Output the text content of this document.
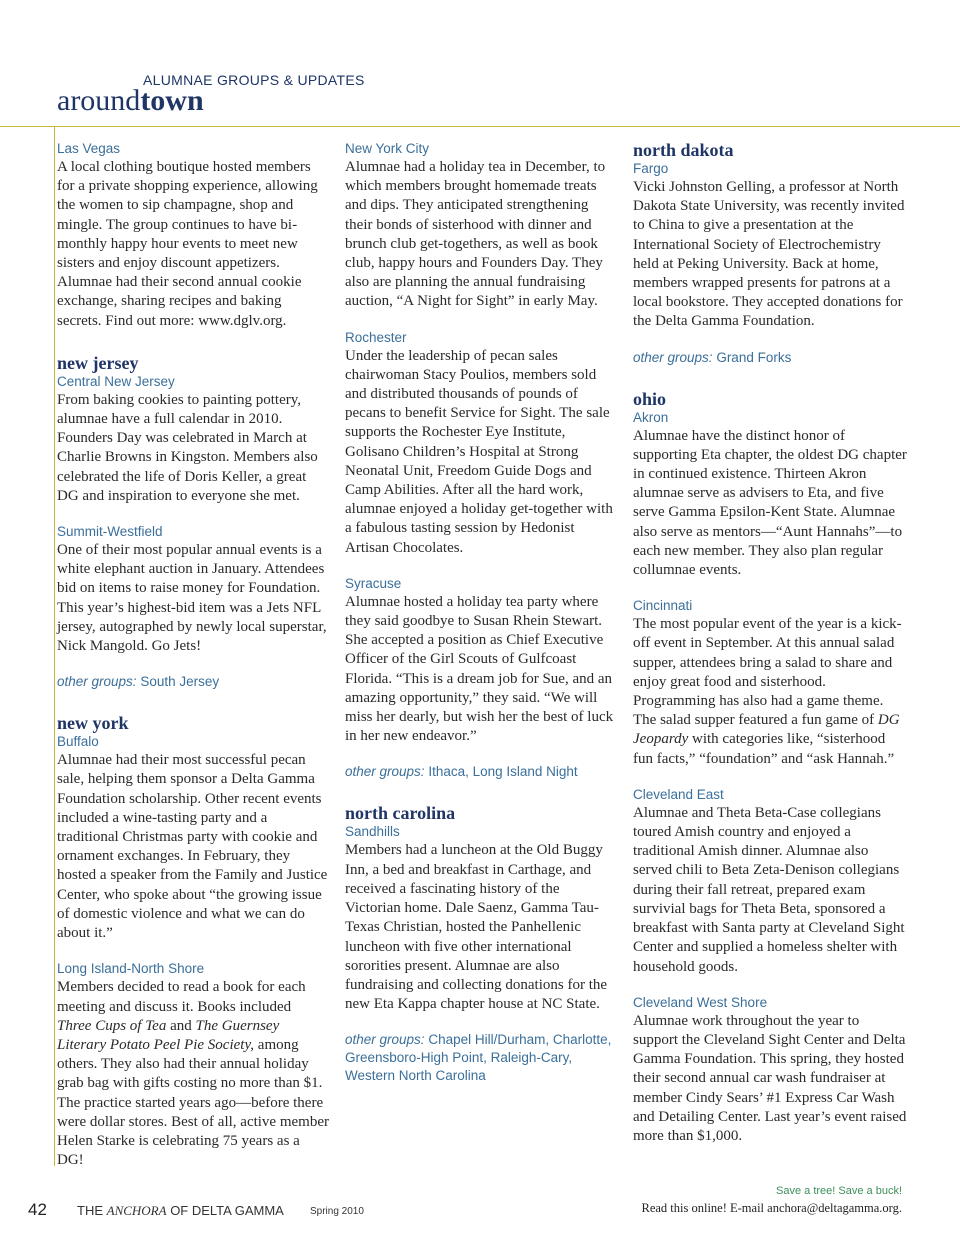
ALUMNAE GROUPS & UPDATES
aroundtown

Las Vegas

A local clothing boutique hosted members for a private shopping experience, allowing the women to sip champagne, shop and mingle. The group continues to have bi-monthly happy hour events to meet new sisters and enjoy discount appetizers. Alumnae had their second annual cookie exchange, sharing recipes and baking secrets. Find out more: www.dglv.org.

new jersey

Central New Jersey

From baking cookies to painting pottery, alumnae have a full calendar in 2010. Founders Day was celebrated in March at Charlie Browns in Kingston. Members also celebrated the life of Doris Keller, a great DG and inspiration to everyone she met.

Summit-Westfield

One of their most popular annual events is a white elephant auction in January. Attendees bid on items to raise money for Foundation. This year’s highest-bid item was a Jets NFL jersey, autographed by newly local superstar, Nick Mangold. Go Jets!

other groups: South Jersey

new york

Buffalo

Alumnae had their most successful pecan sale, helping them sponsor a Delta Gamma Foundation scholarship. Other recent events included a wine-tasting party and a traditional Christmas party with cookie and ornament exchanges. In February, they hosted a speaker from the Family and Justice Center, who spoke about “the growing issue of domestic violence and what we can do about it.”

Long Island-North Shore

Members decided to read a book for each meeting and discuss it. Books included Three Cups of Tea and The Guernsey Literary Potato Peel Pie Society, among others. They also had their annual holiday grab bag with gifts costing no more than $1. The practice started years ago—before there were dollar stores. Best of all, active member Helen Starke is celebrating 75 years as a DG!

New York City

Alumnae had a holiday tea in December, to which members brought homemade treats and dips. They anticipated strengthening their bonds of sisterhood with dinner and brunch club get-togethers, as well as book club, happy hours and Founders Day. They also are planning the annual fundraising auction, “A Night for Sight” in early May.

Rochester

Under the leadership of pecan sales chairwoman Stacy Poulios, members sold and distributed thousands of pounds of pecans to benefit Service for Sight. The sale supports the Rochester Eye Institute, Golisano Children’s Hospital at Strong Neonatal Unit, Freedom Guide Dogs and Camp Abilities. After all the hard work, alumnae enjoyed a holiday get-together with a fabulous tasting session by Hedonist Artisan Chocolates.

Syracuse

Alumnae hosted a holiday tea party where they said goodbye to Susan Rhein Stewart. She accepted a position as Chief Executive Officer of the Girl Scouts of Gulfcoast Florida. “This is a dream job for Sue, and an amazing opportunity,” they said. “We will miss her dearly, but wish her the best of luck in her new endeavor.”

other groups: Ithaca, Long Island Night

north carolina

Sandhills

Members had a luncheon at the Old Buggy Inn, a bed and breakfast in Carthage, and received a fascinating history of the Victorian home. Dale Saenz, Gamma Tau-Texas Christian, hosted the Panhellenic luncheon with five other international sororities present. Alumnae are also fundraising and collecting donations for the new Eta Kappa chapter house at NC State.

other groups: Chapel Hill/Durham, Charlotte, Greensboro-High Point, Raleigh-Cary, Western North Carolina

north dakota

Fargo

Vicki Johnston Gelling, a professor at North Dakota State University, was recently invited to China to give a presentation at the International Society of Electrochemistry held at Peking University. Back at home, members wrapped presents for patrons at a local bookstore. They accepted donations for the Delta Gamma Foundation.

other groups: Grand Forks

ohio

Akron

Alumnae have the distinct honor of supporting Eta chapter, the oldest DG chapter in continued existence. Thirteen Akron alumnae serve as advisers to Eta, and five serve Gamma Epsilon-Kent State. Alumnae also serve as mentors—“Aunt Hannahs”—to each new member. They also plan regular collumnae events.

Cincinnati

The most popular event of the year is a kick-off event in September. At this annual salad supper, attendees bring a salad to share and enjoy great food and sisterhood. Programming has also had a game theme. The salad supper featured a fun game of DG Jeopardy with categories like, “sisterhood fun facts,” “foundation” and “ask Hannah.”

Cleveland East

Alumnae and Theta Beta-Case collegians toured Amish country and enjoyed a traditional Amish dinner. Alumnae also served chili to Beta Zeta-Denison collegians during their fall retreat, prepared exam survivial bags for Theta Beta, sponsored a breakfast with Santa party at Cleveland Sight Center and supplied a homeless shelter with household goods.

Cleveland West Shore

Alumnae work throughout the year to support the Cleveland Sight Center and Delta Gamma Foundation. This spring, they hosted their second annual car wash fundraiser at member Cindy Sears’ #1 Express Car Wash and Detailing Center. Last year’s event raised more than $1,000.

42 THE ANCHORA OF DELTA GAMMA	Spring 2010
Save a tree! Save a buck!
Read this online! E-mail anchora@deltagamma.org.
